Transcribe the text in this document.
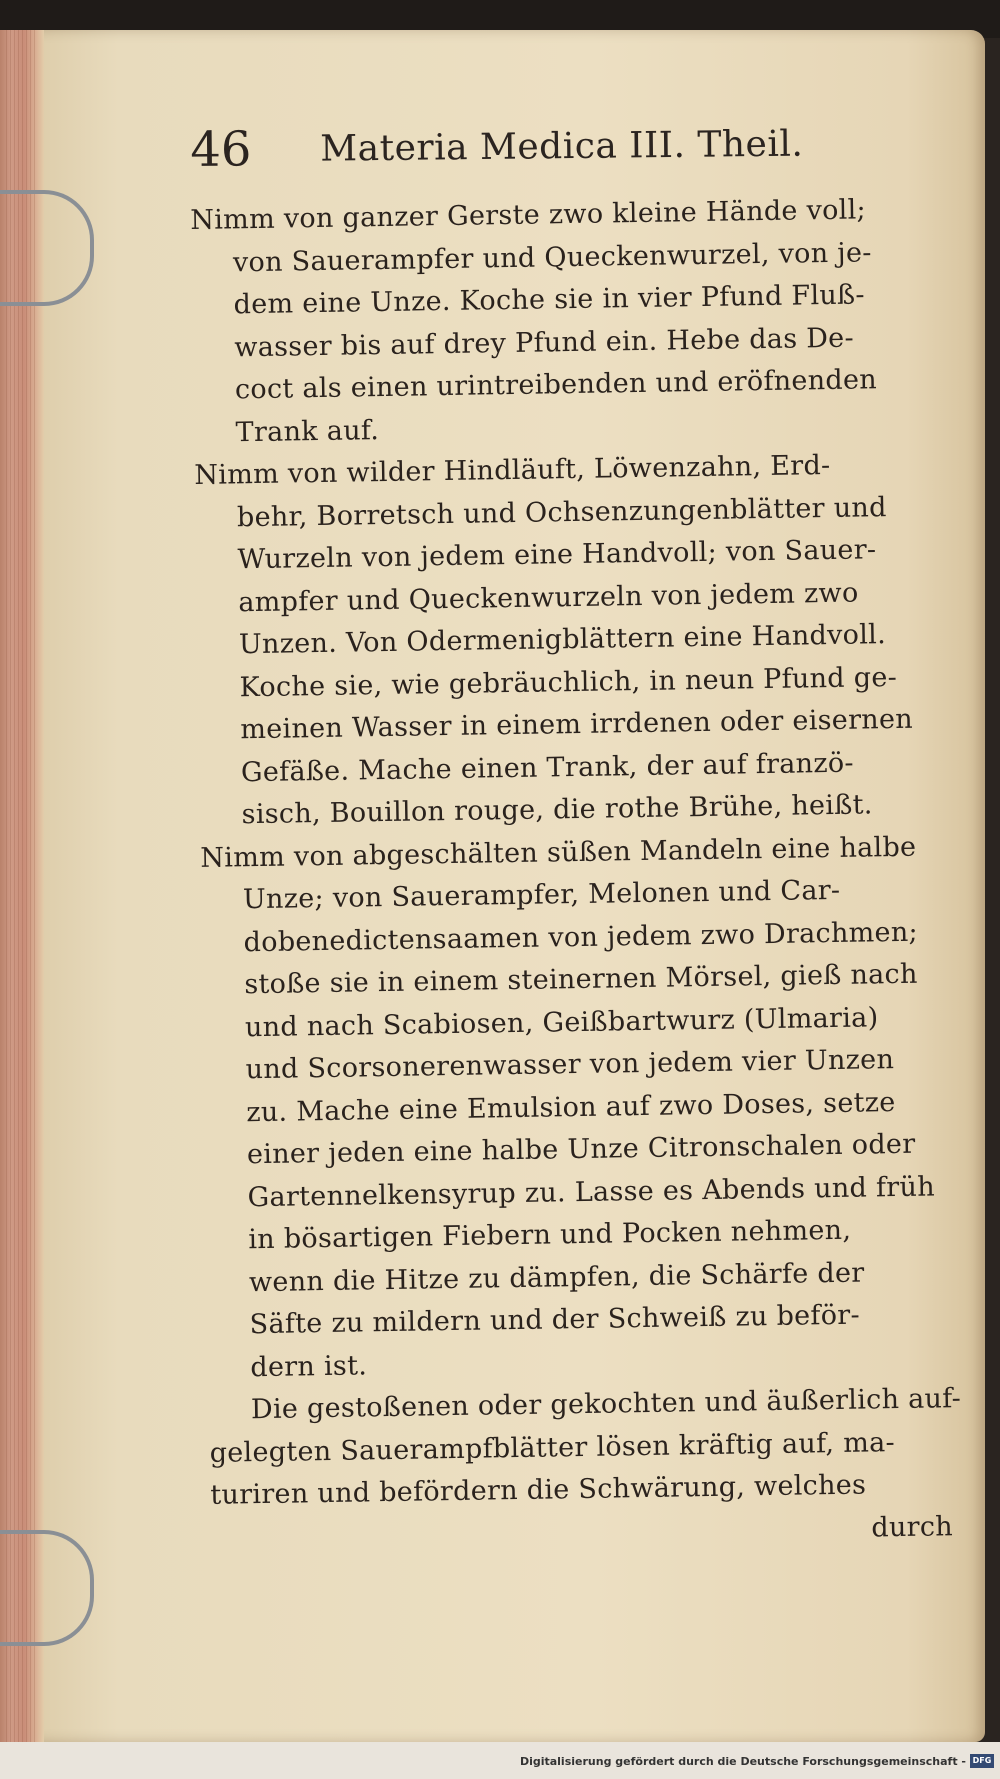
46 Materia Medica III. Theil.
Nimm von ganzer Gerste zwo kleine Hände voll;
von Sauerampfer und Queckenwurzel, von je-
dem eine Unze. Koche sie in vier Pfund Fluß-
wasser bis auf drey Pfund ein. Hebe das De-
coct als einen urintreibenden und eröfnenden
Trank auf.
Nimm von wilder Hindläuft, Löwenzahn, Erd-
behr, Borretsch und Ochsenzungenblätter und
Wurzeln von jedem eine Handvoll; von Sauer-
ampfer und Queckenwurzeln von jedem zwo
Unzen. Von Odermenigblättern eine Handvoll.
Koche sie, wie gebräuchlich, in neun Pfund ge-
meinen Wasser in einem irrdenen oder eisernen
Gefäße. Mache einen Trank, der auf franzö-
sisch, Bouillon rouge, die rothe Brühe, heißt.
Nimm von abgeschälten süßen Mandeln eine halbe
Unze; von Sauerampfer, Melonen und Car-
dobenedictensaamen von jedem zwo Drachmen;
stoße sie in einem steinernen Mörsel, gieß nach
und nach Scabiosen, Geißbartwurz (Ulmaria)
und Scorsonerenwasser von jedem vier Unzen
zu. Mache eine Emulsion auf zwo Doses, setze
einer jeden eine halbe Unze Citronschalen oder
Gartennelkensyrup zu. Lasse es Abends und früh
in bösartigen Fiebern und Pocken nehmen,
wenn die Hitze zu dämpfen, die Schärfe der
Säfte zu mildern und der Schweiß zu beför-
dern ist.
Die gestoßenen oder gekochten und äußerlich auf-
gelegten Sauerampfblätter lösen kräftig auf, ma-
turiren und befördern die Schwärung, welches
durch
Digitalisierung gefördert durch die Deutsche Forschungsgemeinschaft - DFG
